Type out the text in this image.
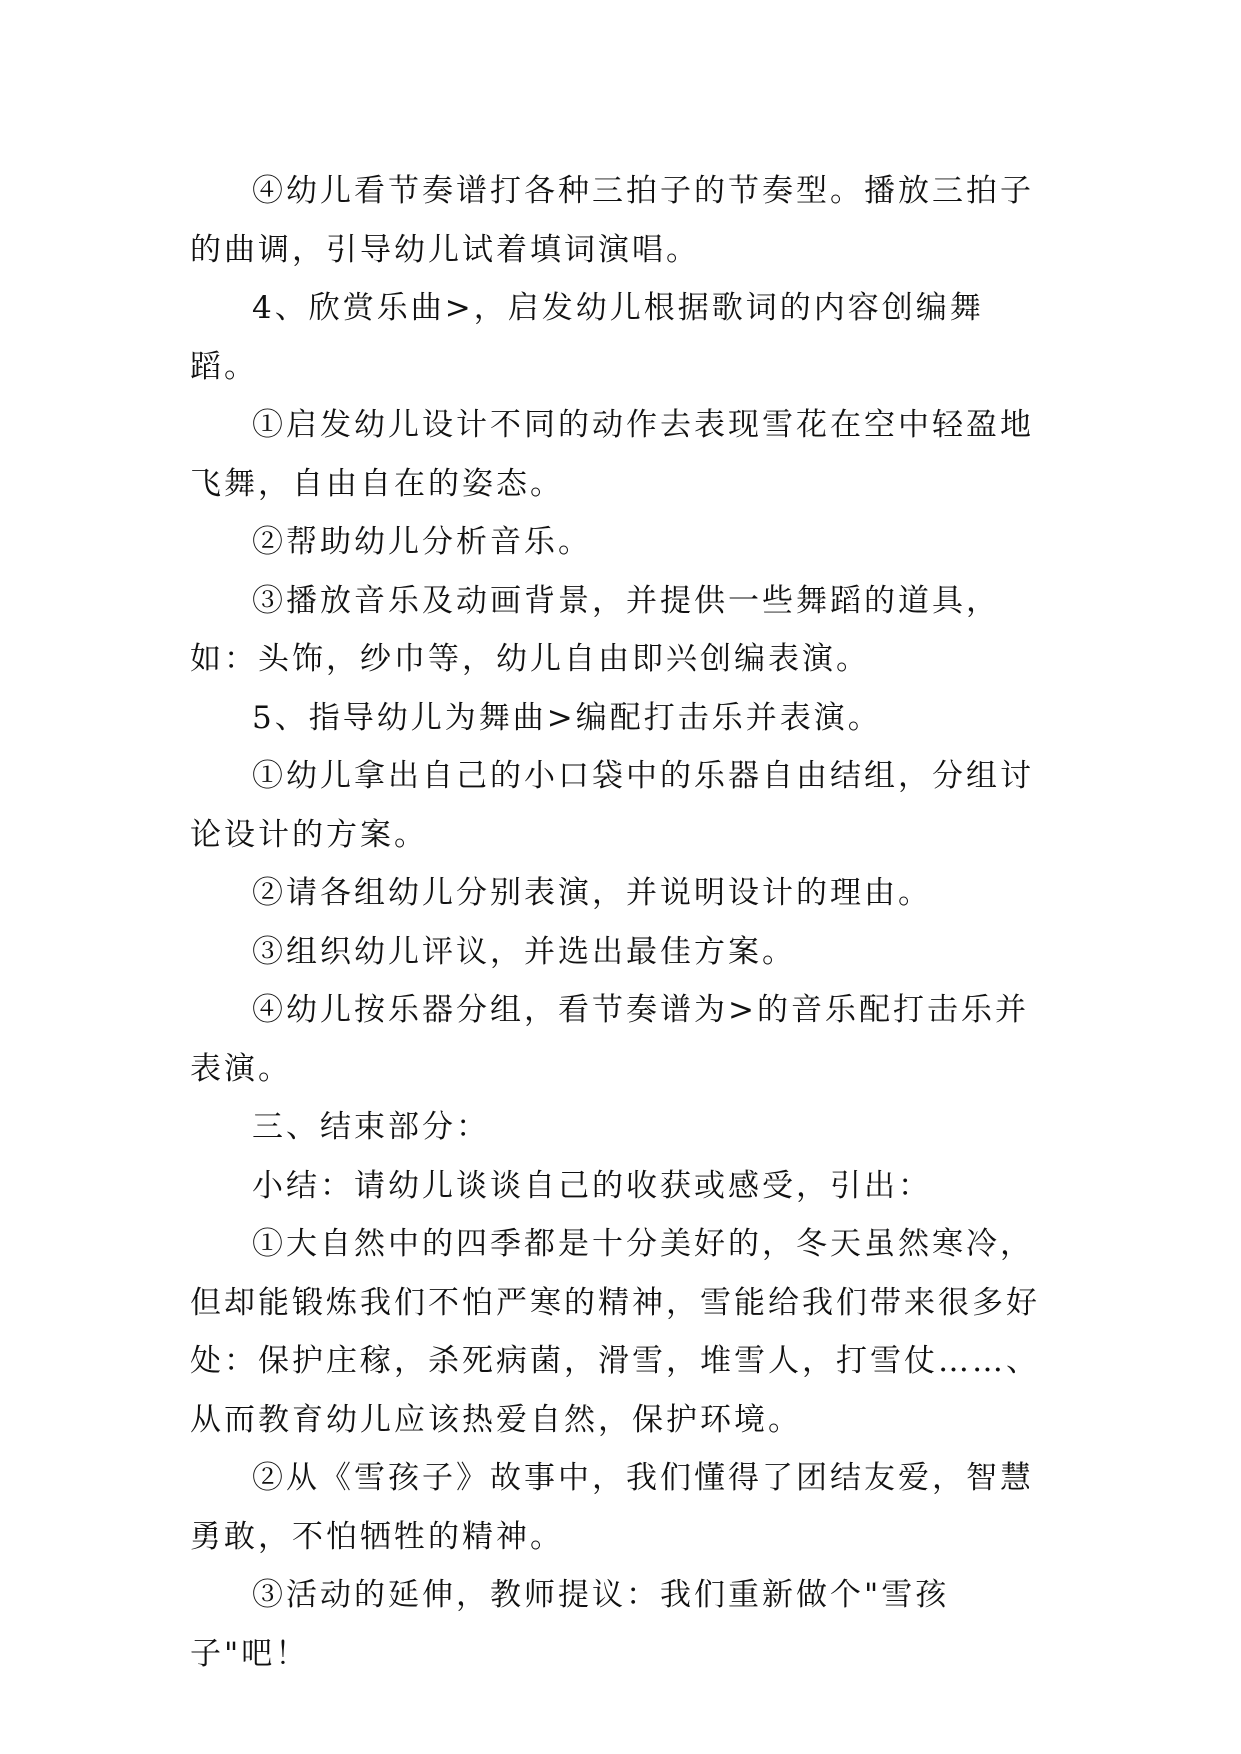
④幼儿看节奏谱打各种三拍子的节奏型。播放三拍子的曲调，引导幼儿试着填词演唱。

4、欣赏乐曲>，启发幼儿根据歌词的内容创编舞蹈。

①启发幼儿设计不同的动作去表现雪花在空中轻盈地飞舞，自由自在的姿态。

②帮助幼儿分析音乐。

③播放音乐及动画背景，并提供一些舞蹈的道具，如：头饰，纱巾等，幼儿自由即兴创编表演。

5、指导幼儿为舞曲>编配打击乐并表演。

①幼儿拿出自己的小口袋中的乐器自由结组，分组讨论设计的方案。

②请各组幼儿分别表演，并说明设计的理由。

③组织幼儿评议，并选出最佳方案。

④幼儿按乐器分组，看节奏谱为>的音乐配打击乐并表演。

三、结束部分：

小结：请幼儿谈谈自己的收获或感受，引出：

①大自然中的四季都是十分美好的，冬天虽然寒冷，但却能锻炼我们不怕严寒的精神，雪能给我们带来很多好处：保护庄稼，杀死病菌，滑雪，堆雪人，打雪仗……、从而教育幼儿应该热爱自然，保护环境。

②从《雪孩子》故事中，我们懂得了团结友爱，智慧勇敢，不怕牺牲的精神。

③活动的延伸，教师提议：我们重新做个"雪孩子"吧！
